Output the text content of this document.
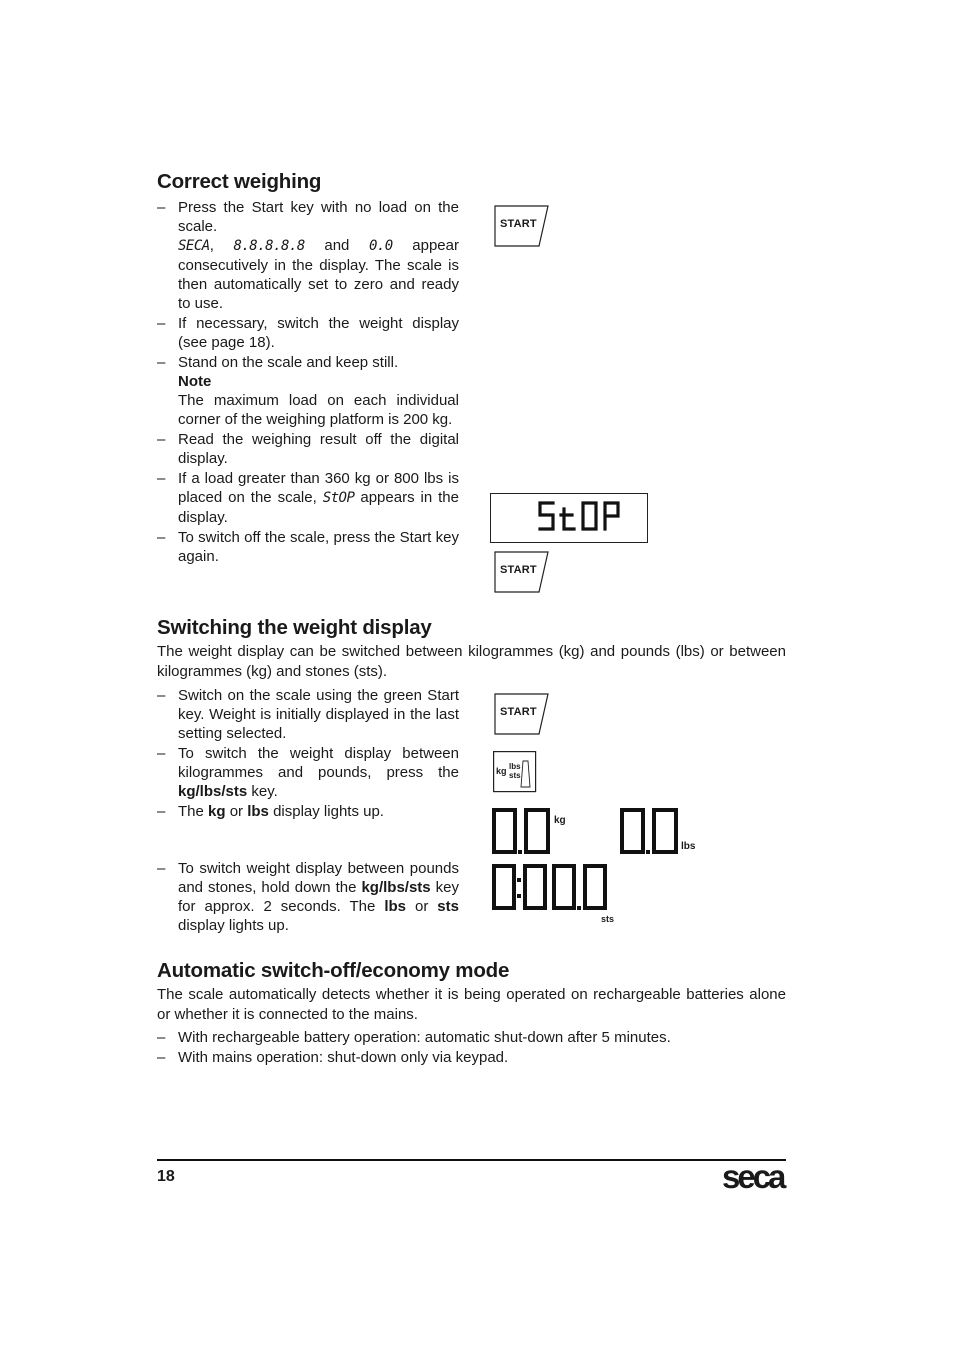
Correct weighing
– Press the Start key with no load on the scale.
SECA, 8.8.8.8.8 and 0.0 appear consecutively in the display. The scale is then automatically set to zero and ready to use.
– If necessary, switch the weight display (see page 18).
– Stand on the scale and keep still.
Note
The maximum load on each individual corner of the weighing platform is 200 kg.
– Read the weighing result off the digital display.
– If a load greater than 360 kg or 800 lbs is placed on the scale, StOP appears in the display.
– To switch off the scale, press the Start key again.
START
START
Switching the weight display
The weight display can be switched between kilogrammes (kg) and pounds (lbs) or between kilogrammes (kg) and stones (sts).
– Switch on the scale using the green Start key. Weight is initially displayed in the last setting selected.
– To switch the weight display between kilogrammes and pounds, press the kg/lbs/sts key.
– The kg or lbs display lights up.
– To switch weight display between pounds and stones, hold down the kg/lbs/sts key for approx. 2 seconds. The lbs or sts display lights up.
START
kg lbs
sts
kg
lbs
sts
Automatic switch-off/economy mode
The scale automatically detects whether it is being operated on rechargeable batteries alone or whether it is connected to the mains.
– With rechargeable battery operation: automatic shut-down after 5 minutes.
– With mains operation: shut-down only via keypad.
18	seca
